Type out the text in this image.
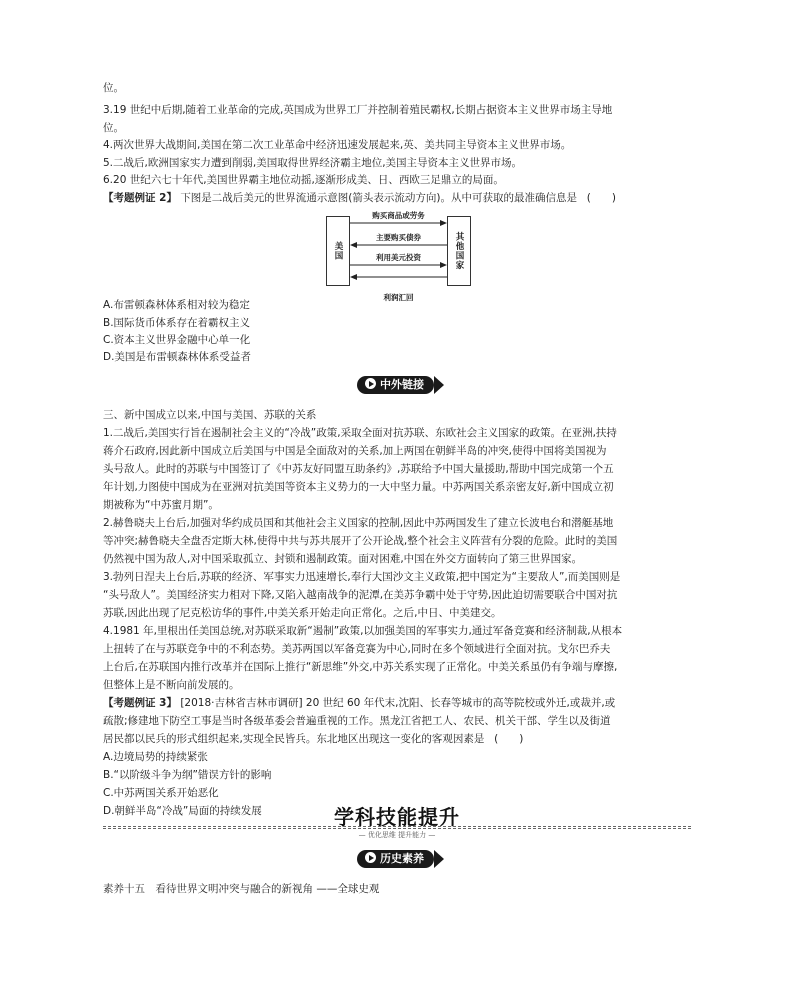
位。

3.19 世纪中后期,随着工业革命的完成,英国成为世界工厂并控制着殖民霸权,长期占据资本主义世界市场主导地

位。

4.两次世界大战期间,美国在第二次工业革命中经济迅速发展起来,英、美共同主导资本主义世界市场。

5.二战后,欧洲国家实力遭到削弱,美国取得世界经济霸主地位,美国主导资本主义世界市场。

6.20 世纪六七十年代,美国世界霸主地位动摇,逐渐形成美、日、西欧三足鼎立的局面。

【考题例证 2】 下图是二战后美元的世界流通示意图(箭头表示流动方向)。从中可获取的最准确信息是 (　　 )

美国	其他国家
购买商品或劳务
主要购买债券
利用美元投资
利润汇回

A.布雷顿森林体系相对较为稳定

B.国际货币体系存在着霸权主义

C.资本主义世界金融中心单一化

D.美国是布雷顿森林体系受益者

中外链接

三、新中国成立以来,中国与美国、苏联的关系

1.二战后,美国实行旨在遏制社会主义的“冷战”政策,采取全面对抗苏联、东欧社会主义国家的政策。在亚洲,扶持

蒋介石政府,因此新中国成立后美国与中国是全面敌对的关系,加上两国在朝鲜半岛的冲突,使得中国将美国视为

头号敌人。此时的苏联与中国签订了《中苏友好同盟互助条约》,苏联给予中国大量援助,帮助中国完成第一个五

年计划,力图使中国成为在亚洲对抗美国等资本主义势力的一大中坚力量。中苏两国关系亲密友好,新中国成立初

期被称为“中苏蜜月期”。

2.赫鲁晓夫上台后,加强对华约成员国和其他社会主义国家的控制,因此中苏两国发生了建立长波电台和潜艇基地

等冲突;赫鲁晓夫全盘否定斯大林,使得中共与苏共展开了公开论战,整个社会主义阵营有分裂的危险。此时的美国

仍然视中国为敌人,对中国采取孤立、封锁和遏制政策。面对困难,中国在外交方面转向了第三世界国家。

3.勃列日涅夫上台后,苏联的经济、军事实力迅速增长,奉行大国沙文主义政策,把中国定为“主要敌人”,而美国则是

“头号敌人”。美国经济实力相对下降,又陷入越南战争的泥潭,在美苏争霸中处于守势,因此迫切需要联合中国对抗

苏联,因此出现了尼克松访华的事件,中美关系开始走向正常化。之后,中日、中美建交。

4.1981 年,里根出任美国总统,对苏联采取新“遏制”政策,以加强美国的军事实力,通过军备竞赛和经济制裁,从根本

上扭转了在与苏联竞争中的不利态势。美苏两国以军备竞赛为中心,同时在多个领域进行全面对抗。戈尔巴乔夫

上台后,在苏联国内推行改革并在国际上推行“新思维”外交,中苏关系实现了正常化。中美关系虽仍有争端与摩擦,

但整体上是不断向前发展的。

【考题例证 3】 [2018·吉林省吉林市调研] 20 世纪 60 年代末,沈阳、长春等城市的高等院校或外迁,或裁并,或

疏散;修建地下防空工事是当时各级革委会普遍重视的工作。黑龙江省把工人、农民、机关干部、学生以及街道

居民都以民兵的形式组织起来,实现全民皆兵。东北地区出现这一变化的客观因素是 (　　 )

A.边境局势的持续紧张

B.“以阶级斗争为纲”错误方针的影响

C.中苏两国关系开始恶化

D.朝鲜半岛“冷战”局面的持续发展	学科技能提升
— 优化思维 提升能力 —
历史素养

素养十五　看待世界文明冲突与融合的新视角 ——全球史观
